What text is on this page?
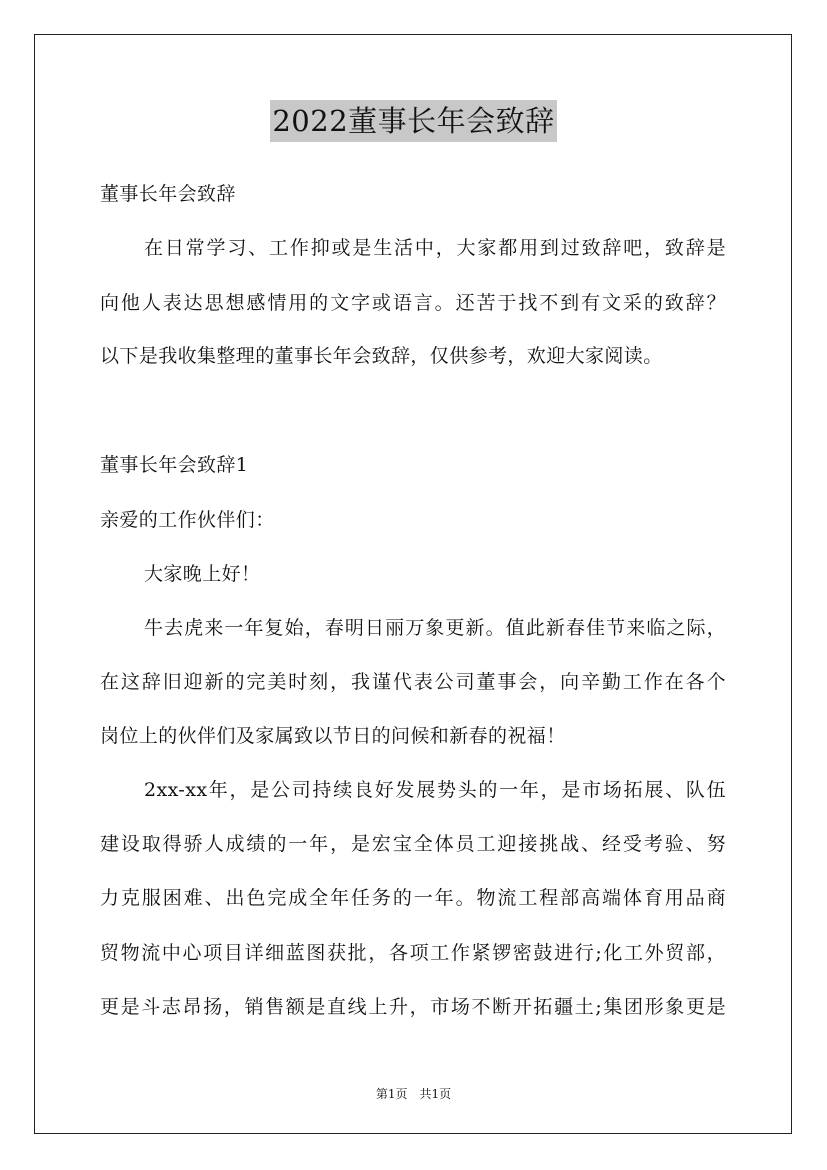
2022董事长年会致辞
董事长年会致辞
在日常学习、工作抑或是生活中，大家都用到过致辞吧，致辞是
向他人表达思想感情用的文字或语言。还苦于找不到有文采的致辞？
以下是我收集整理的董事长年会致辞，仅供参考，欢迎大家阅读。
董事长年会致辞1
亲爱的工作伙伴们：
大家晚上好！
牛去虎来一年复始，春明日丽万象更新。值此新春佳节来临之际，
在这辞旧迎新的完美时刻，我谨代表公司董事会，向辛勤工作在各个
岗位上的伙伴们及家属致以节日的问候和新春的祝福！
2xx-xx年，是公司持续良好发展势头的一年，是市场拓展、队伍
建设取得骄人成绩的一年，是宏宝全体员工迎接挑战、经受考验、努
力克服困难、出色完成全年任务的一年。物流工程部高端体育用品商
贸物流中心项目详细蓝图获批，各项工作紧锣密鼓进行;化工外贸部，
更是斗志昂扬，销售额是直线上升，市场不断开拓疆土;集团形象更是
第1页 共1页
